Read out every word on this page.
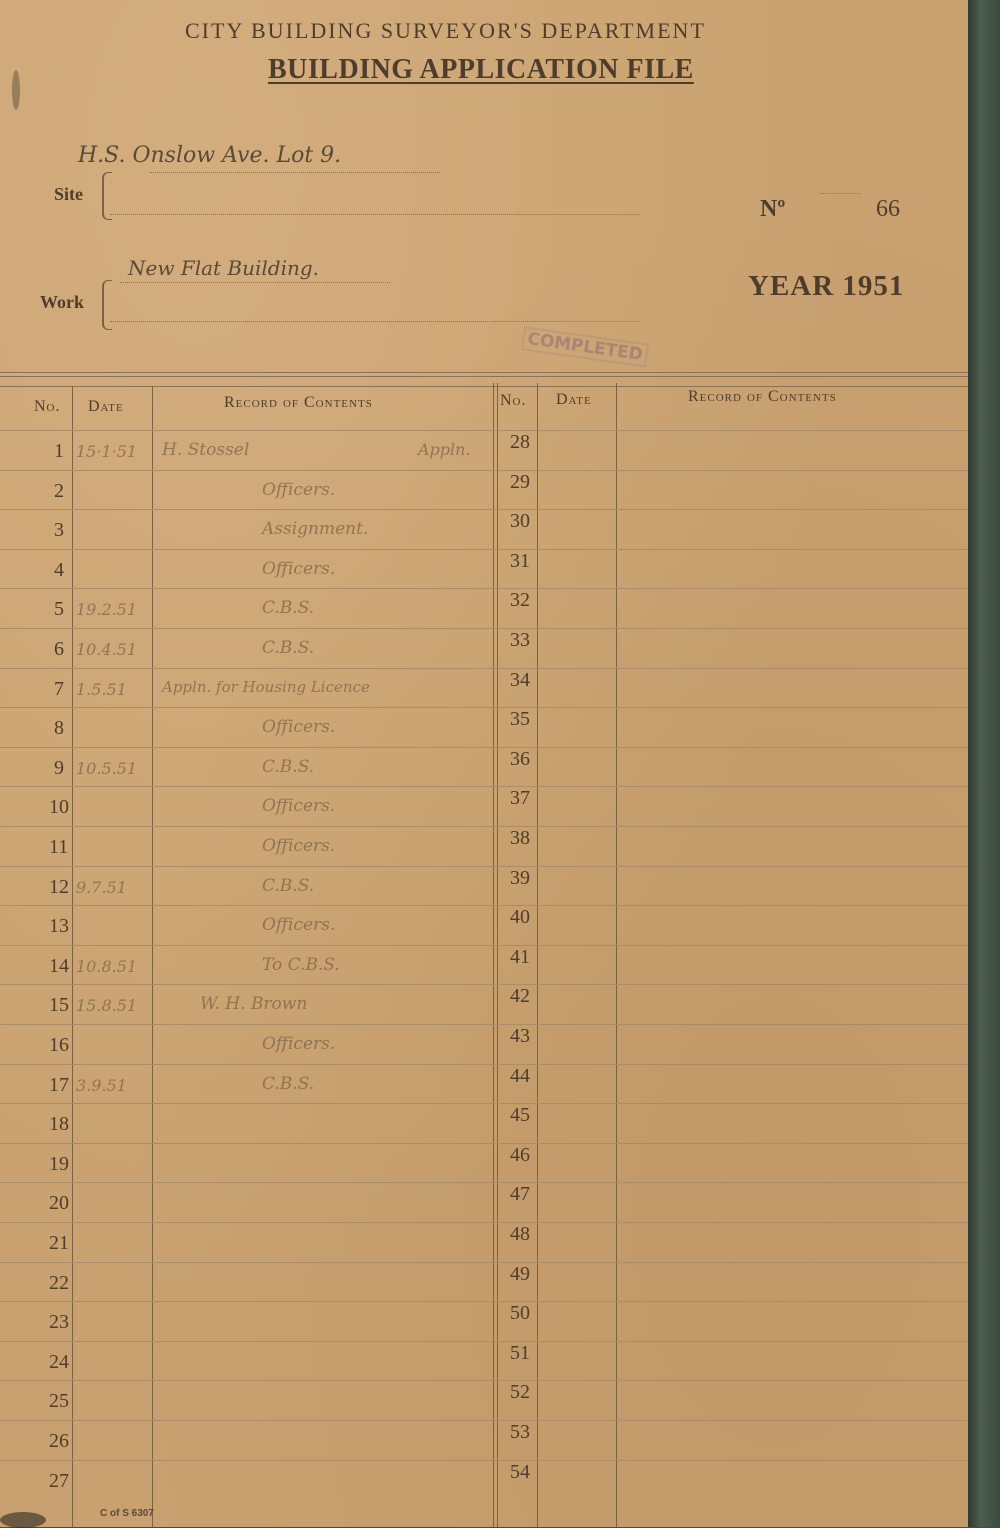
CITY BUILDING SURVEYOR'S DEPARTMENT
BUILDING APPLICATION FILE
Site
H.S. Onslow Ave. Lot 9.
Work
New Flat Building.
Nº	66
YEAR 1951
COMPLETED
No. Date	Record of Contents	No. Date	Record of Contents
1 15·1·51 H. Stossel	Appln.
2	Officers.
3	Assignment.
4	Officers.
5 19.2.51	C.B.S.
6 10.4.51	C.B.S.
7 1.5.51 Appln. for Housing Licence
8	Officers.
9 10.5.51	C.B.S.
10	Officers.
11	Officers.
12 9.7.51	C.B.S.
13	Officers.
14 10.8.51	To C.B.S.
15 15.8.51	W. H. Brown
16	Officers.
17 3.9.51	C.B.S.
18
19
20
21
22
23
24
25
26
27
28
29
30
31
32
33
34
35
36
37
38
39
40
41
42
43
44
45
46
47
48
49
50
51
52
53
54
C of S 6307
